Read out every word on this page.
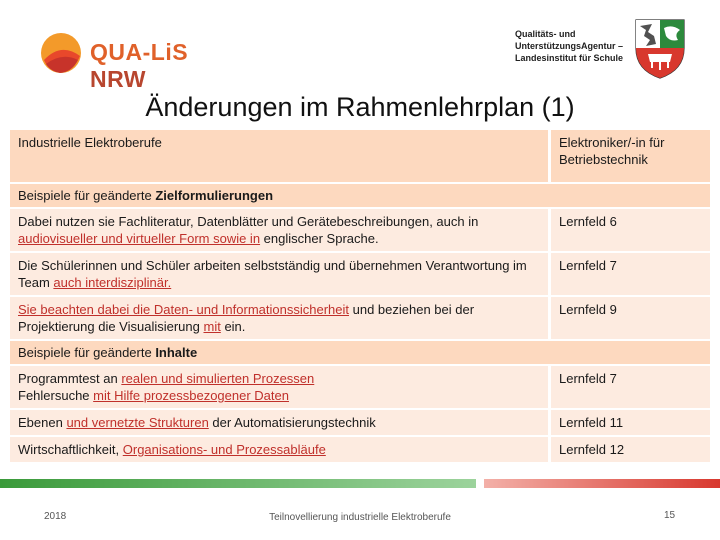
QUA-LiS NRW
Qualitäts- und
UnterstützungsAgentur –
Landesinstitut für Schule
Änderungen im Rahmenlehrplan (1)
Industrielle Elektroberufe	Elektroniker/-in für Betriebstechnik
Beispiele für geänderte Zielformulierungen	
Dabei nutzen sie Fachliteratur, Datenblätter und Gerätebeschreibungen, auch in audiovisueller und virtueller Form sowie in englischer Sprache.	Lernfeld 6
Die Schülerinnen und Schüler arbeiten selbstständig und übernehmen Verantwortung im Team auch interdisziplinär.	Lernfeld 7
Sie beachten dabei die Daten- und Informationssicherheit und beziehen bei der Projektierung die Visualisierung mit ein.	Lernfeld 9
Beispiele für geänderte Inhalte	
Programmtest an realen und simulierten Prozessen
Fehlersuche mit Hilfe prozessbezogener Daten	Lernfeld 7
Ebenen und vernetzte Strukturen der Automatisierungstechnik	Lernfeld 11
Wirtschaftlichkeit, Organisations- und Prozessabläufe	Lernfeld 12
2018	Teilnovellierung industrielle Elektroberufe	15
